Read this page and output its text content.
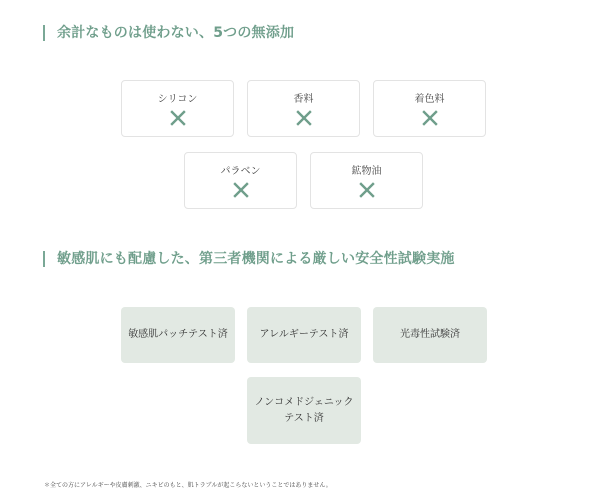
余計なものは使わない、5つの無添加
シリコン	香料	着色料
パラベン	鉱物油
敏感肌にも配慮した、第三者機関による厳しい安全性試験実施
敏感肌パッチテスト済	アレルギーテスト済	光毒性試験済
ノンコメドジェニック
テスト済
＊全ての方にアレルギーや皮膚刺激、ニキビのもと、肌トラブルが起こらないということではありません。
